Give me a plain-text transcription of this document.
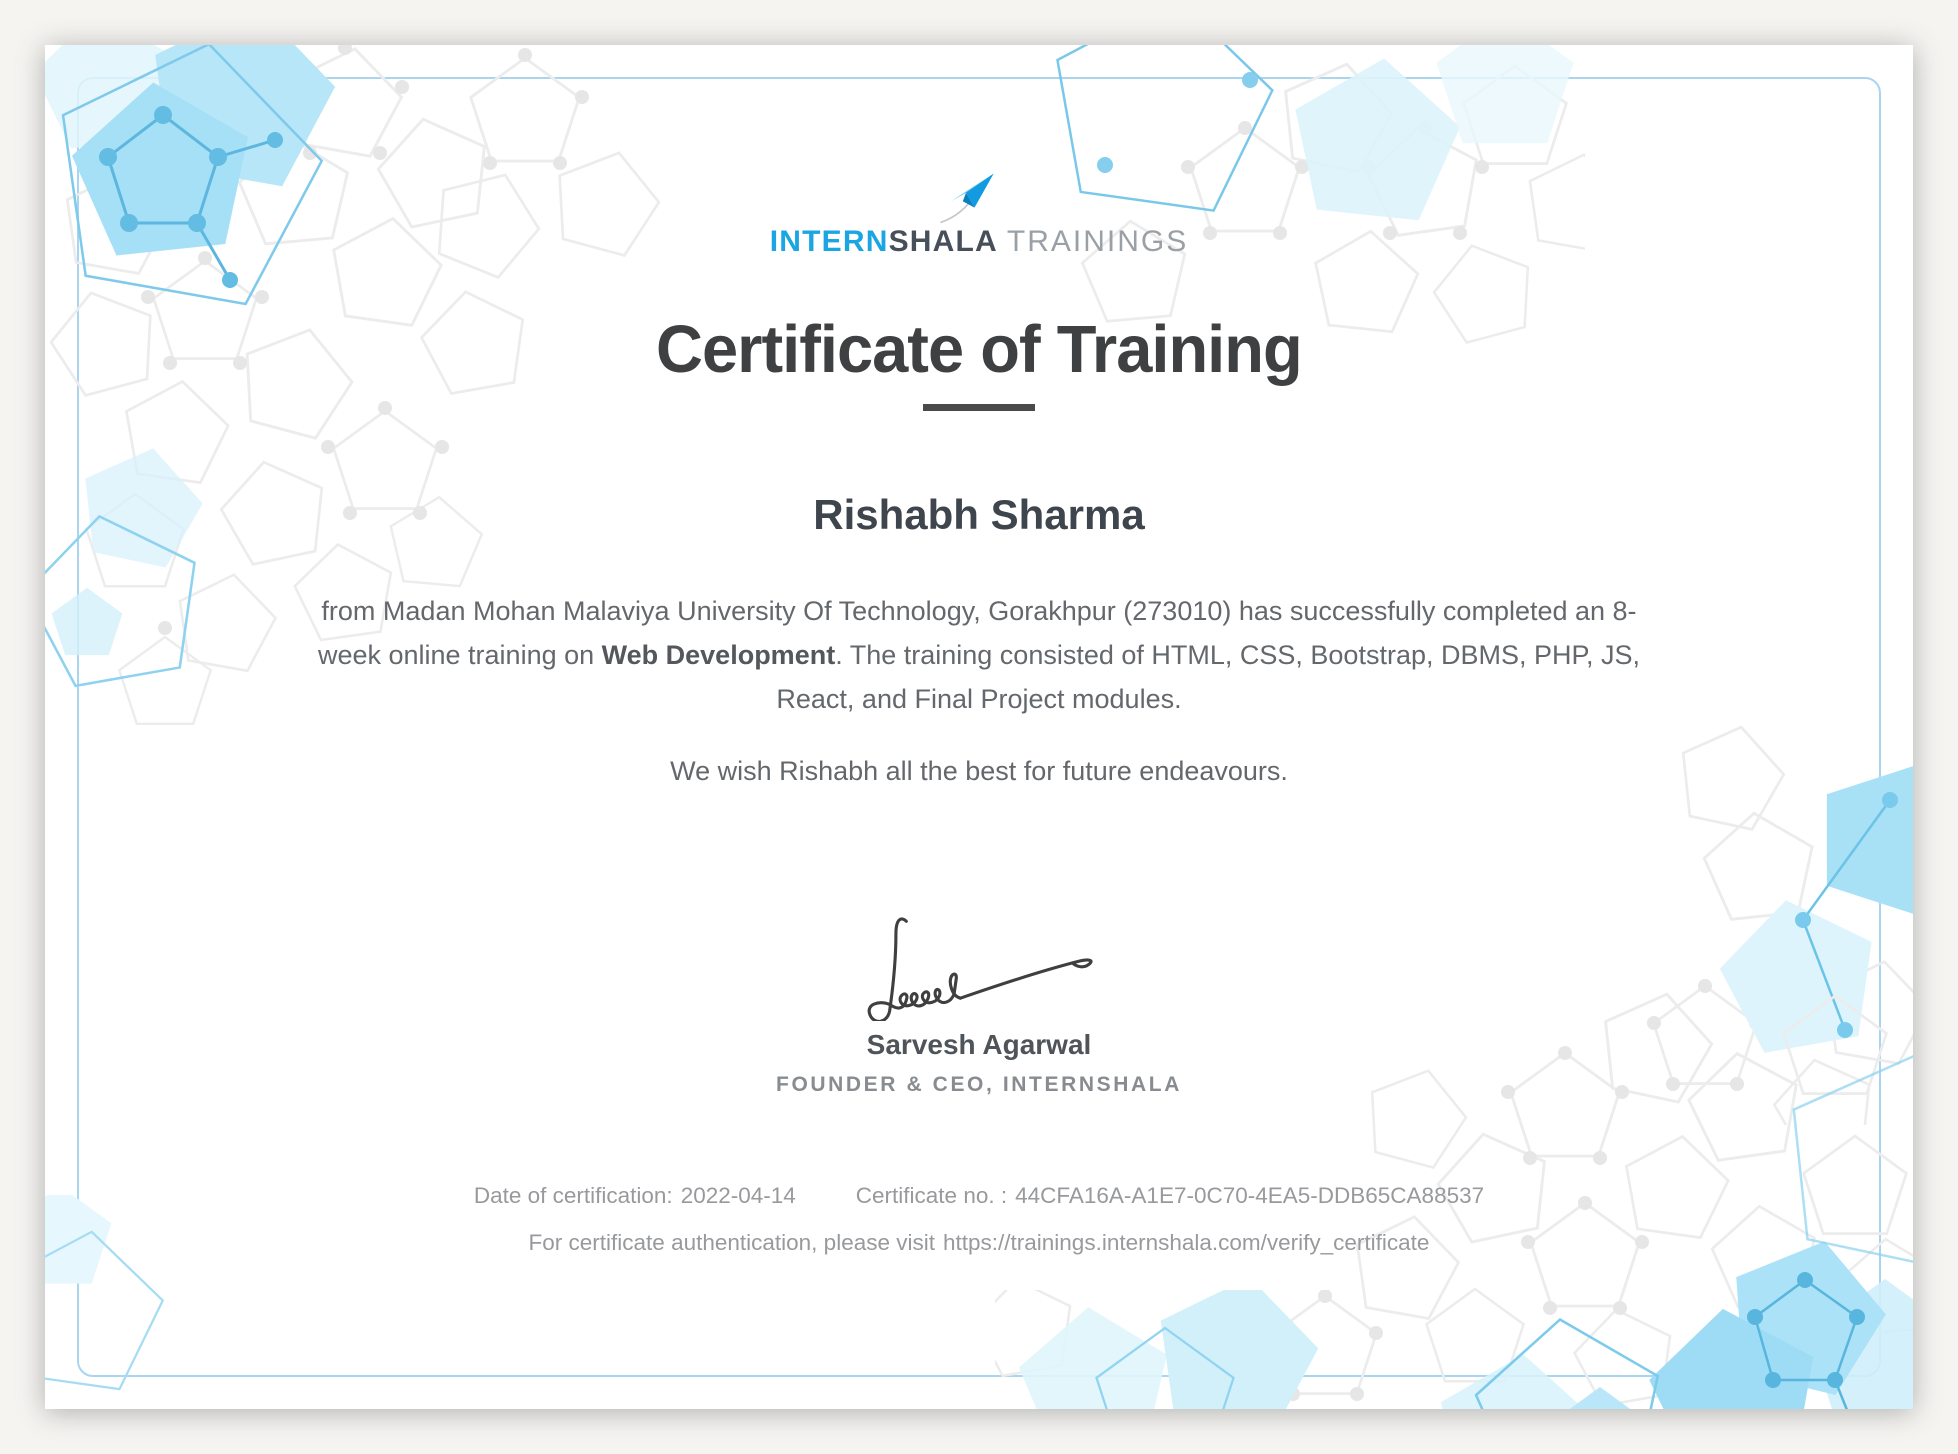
INTERNSHALA TRAININGS
Certificate of Training
Rishabh Sharma
from Madan Mohan Malaviya University Of Technology, Gorakhpur (273010) has successfully completed an 8-
week online training on Web Development. The training consisted of HTML, CSS, Bootstrap, DBMS, PHP, JS,
React, and Final Project modules.
We wish Rishabh all the best for future endeavours.
Sarvesh Agarwal
FOUNDER & CEO, INTERNSHALA
Date of certification: 2022-04-14	Certificate no. : 44CFA16A-A1E7-0C70-4EA5-DDB65CA88537
For certificate authentication, please visit https://trainings.internshala.com/verify_certificate
